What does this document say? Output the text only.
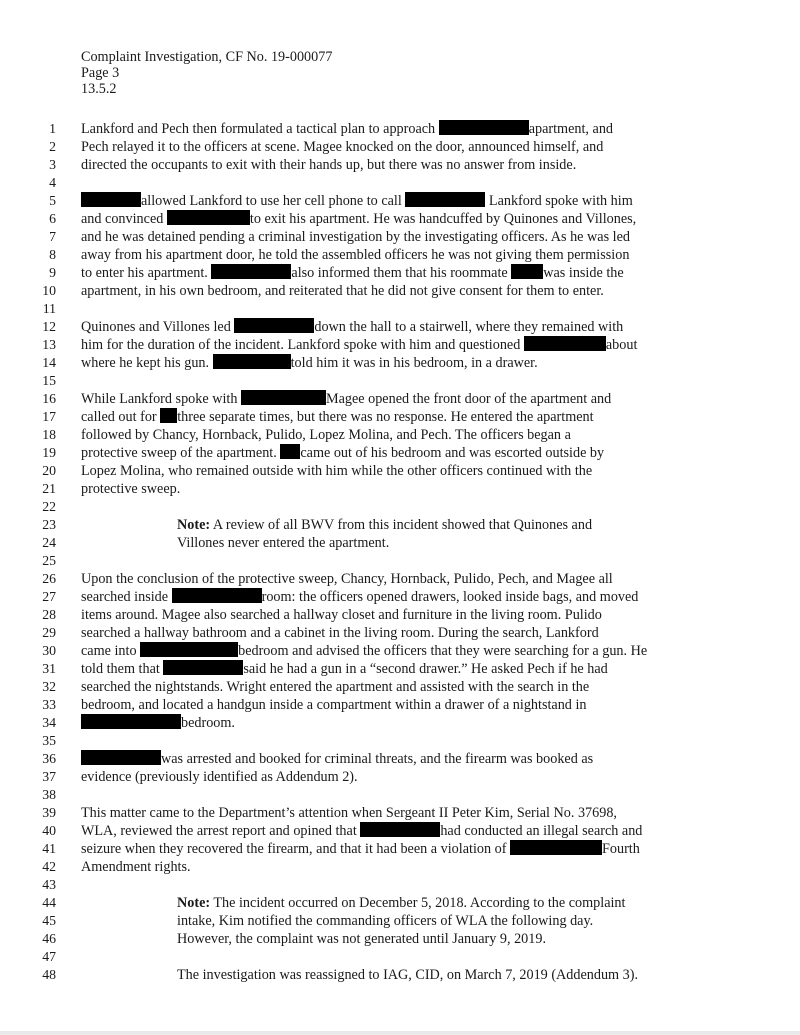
Complaint Investigation, CF No. 19-000077
Page 3
13.5.2
1
2
3
4
5
6
7
8
9
10
11
12
13
14
15
16
17
18
19
20
21
22
23
24
25
26
27
28
29
30
31
32
33
34
35
36
37
38
39
40
41
42
43
44
45
46
47
48
Lankford and Pech then formulated a tactical plan to approach	apartment, and
Pech relayed it to the officers at scene. Magee knocked on the door, announced himself, and
directed the occupants to exit with their hands up, but there was no answer from inside.
allowed Lankford to use her cell phone to call	Lankford spoke with him
and convinced	to exit his apartment. He was handcuffed by Quinones and Villones,
and he was detained pending a criminal investigation by the investigating officers. As he was led
away from his apartment door, he told the assembled officers he was not giving them permission
to enter his apartment.	also informed them that his roommate was inside the
apartment, in his own bedroom, and reiterated that he did not give consent for them to enter.
Quinones and Villones led	down the hall to a stairwell, where they remained with
him for the duration of the incident. Lankford spoke with him and questioned	about
where he kept his gun.	told him it was in his bedroom, in a drawer.
While Lankford spoke with	Magee opened the front door of the apartment and
called out for three separate times, but there was no response. He entered the apartment
followed by Chancy, Hornback, Pulido, Lopez Molina, and Pech. The officers began a
protective sweep of the apartment. came out of his bedroom and was escorted outside by
Lopez Molina, who remained outside with him while the other officers continued with the
protective sweep.
Note: A review of all BWV from this incident showed that Quinones and
Villones never entered the apartment.
Upon the conclusion of the protective sweep, Chancy, Hornback, Pulido, Pech, and Magee all
searched inside	room: the officers opened drawers, looked inside bags, and moved
items around. Magee also searched a hallway closet and furniture in the living room. Pulido
searched a hallway bathroom and a cabinet in the living room. During the search, Lankford
came into	bedroom and advised the officers that they were searching for a gun. He
told them that	said he had a gun in a “second drawer.” He asked Pech if he had
searched the nightstands. Wright entered the apartment and assisted with the search in the
bedroom, and located a handgun inside a compartment within a drawer of a nightstand in
bedroom.
was arrested and booked for criminal threats, and the firearm was booked as
evidence (previously identified as Addendum 2).
This matter came to the Department’s attention when Sergeant II Peter Kim, Serial No. 37698,
WLA, reviewed the arrest report and opined that	had conducted an illegal search and
seizure when they recovered the firearm, and that it had been a violation of	Fourth
Amendment rights.
Note: The incident occurred on December 5, 2018. According to the complaint
intake, Kim notified the commanding officers of WLA the following day.
However, the complaint was not generated until January 9, 2019.
The investigation was reassigned to IAG, CID, on March 7, 2019 (Addendum 3).
